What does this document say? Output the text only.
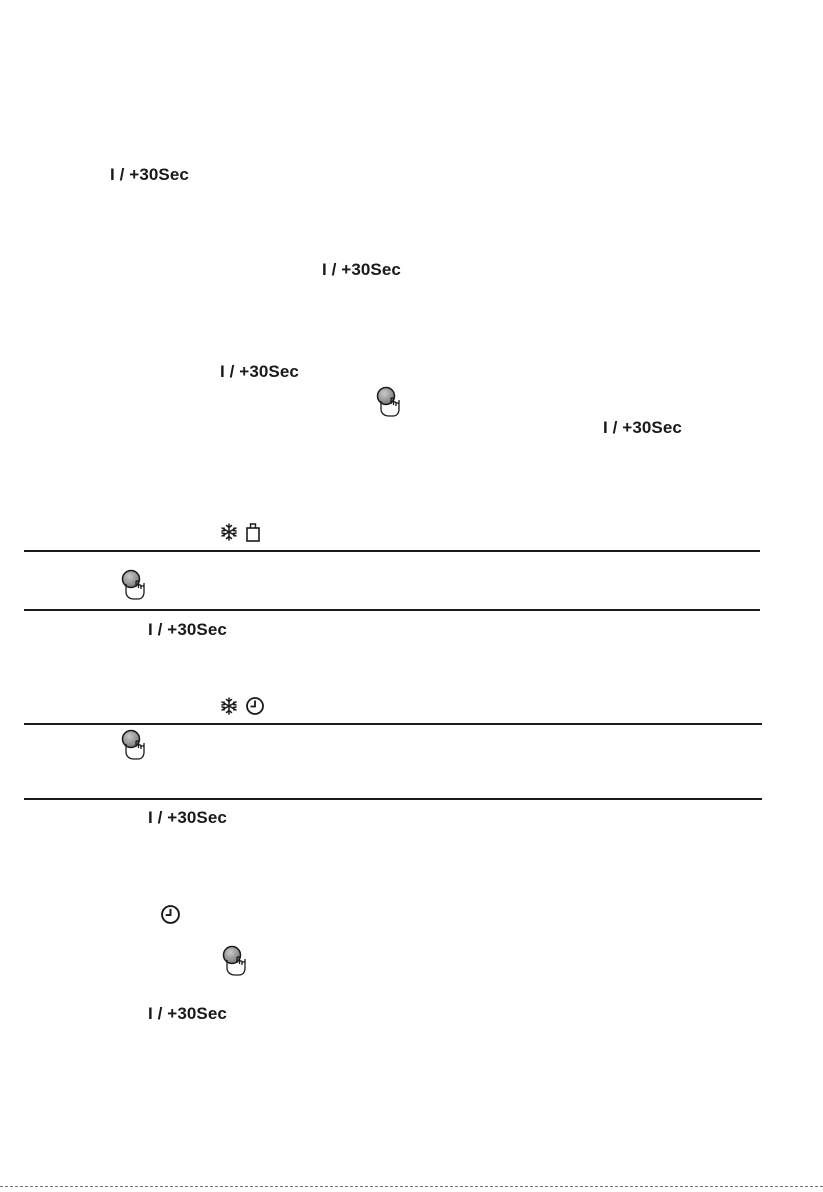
I / +30Sec
I / +30Sec
I / +30Sec
I / +30Sec
I / +30Sec
I / +30Sec
I / +30Sec
